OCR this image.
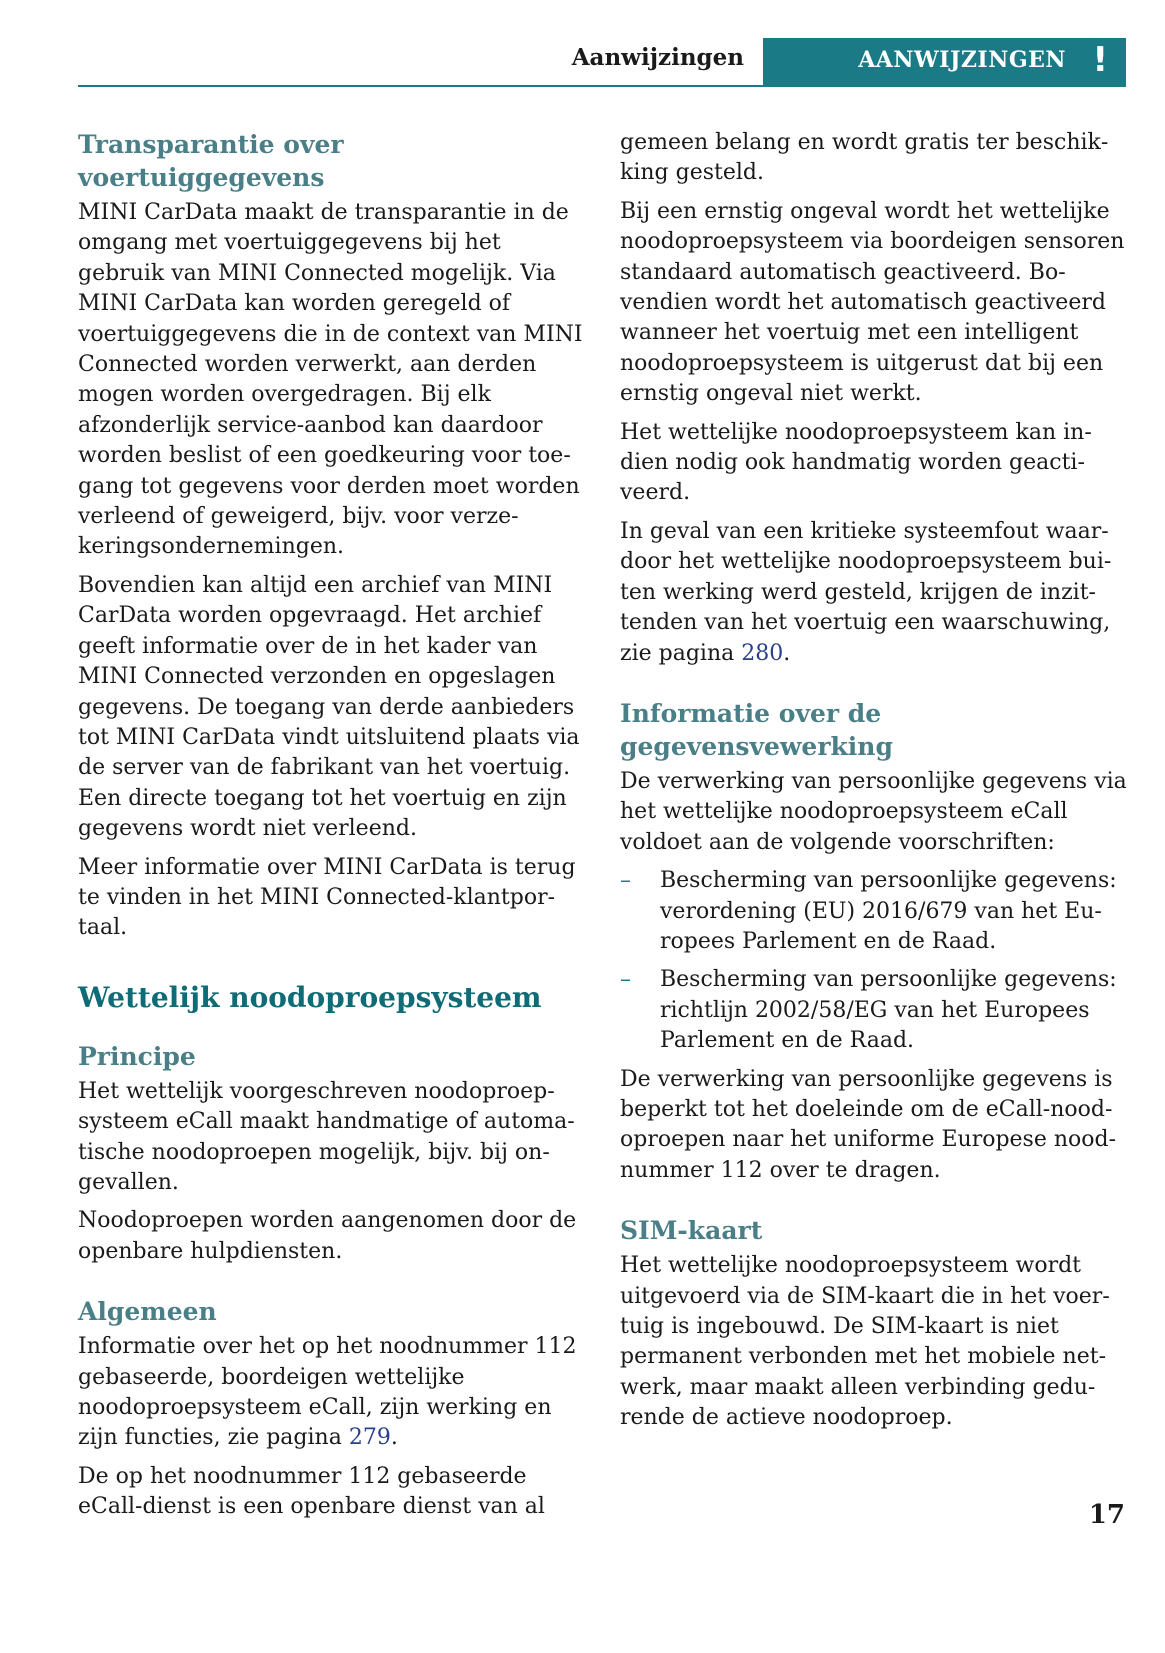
Aanwijzingen	AANWIJZINGEN !
Transparantie over voertuiggegevens

MINI CarData maakt de transparantie in de omgang met voertuiggegevens bij het gebruik van MINI Connected mogelijk. Via MINI CarData kan worden geregeld of voertuiggegevens die in de context van MINI Connected worden verwerkt, aan derden mogen worden overgedragen. Bij elk afzonderlijk service-aanbod kan daardoor worden beslist of een goedkeuring voor toegang tot gegevens voor derden moet worden verleend of geweigerd, bijv. voor verzekeringsondernemingen.

Bovendien kan altijd een archief van MINI CarData worden opgevraagd. Het archief geeft informatie over de in het kader van MINI Connected verzonden en opgeslagen gegevens. De toegang van derde aanbieders tot MINI CarData vindt uitsluitend plaats via de server van de fabrikant van het voertuig. Een directe toegang tot het voertuig en zijn gegevens wordt niet verleend.

Meer informatie over MINI CarData is terug te vinden in het MINI Connected-klantportaal.

Wettelijk noodoproepsysteem
Principe

Het wettelijk voorgeschreven noodoproepsysteem eCall maakt handmatige of automatische noodoproepen mogelijk, bijv. bij ongevallen.

Noodoproepen worden aangenomen door de openbare hulpdiensten.

Algemeen

Informatie over het op het noodnummer 112 gebaseerde, boordeigen wettelijke noodoproepsysteem eCall, zijn werking en zijn functies, zie pagina 279.

De op het noodnummer 112 gebaseerde eCall-dienst is een openbare dienst van al

gemeen belang en wordt gratis ter beschikking gesteld.

Bij een ernstig ongeval wordt het wettelijke noodoproepsysteem via boordeigen sensoren standaard automatisch geactiveerd. Bovendien wordt het automatisch geactiveerd wanneer het voertuig met een intelligent noodoproepsysteem is uitgerust dat bij een ernstig ongeval niet werkt.

Het wettelijke noodoproepsysteem kan indien nodig ook handmatig worden geactiveerd.

In geval van een kritieke systeemfout waardoor het wettelijke noodoproepsysteem buiten werking werd gesteld, krijgen de inzittenden van het voertuig een waarschuwing, zie pagina 280.

Informatie over de gegevensvewerking

De verwerking van persoonlijke gegevens via het wettelijke noodoproepsysteem eCall voldoet aan de volgende voorschriften:

– Bescherming van persoonlijke gegevens: verordening (EU) 2016/679 van het Europees Parlement en de Raad.
– Bescherming van persoonlijke gegevens: richtlijn 2002/58/EG van het Europees Parlement en de Raad.

De verwerking van persoonlijke gegevens is beperkt tot het doeleinde om de eCall-noodoproepen naar het uniforme Europese noodnummer 112 over te dragen.

SIM-kaart

Het wettelijke noodoproepsysteem wordt uitgevoerd via de SIM-kaart die in het voertuig is ingebouwd. De SIM-kaart is niet permanent verbonden met het mobiele netwerk, maar maakt alleen verbinding gedurende de actieve noodoproep.

17
